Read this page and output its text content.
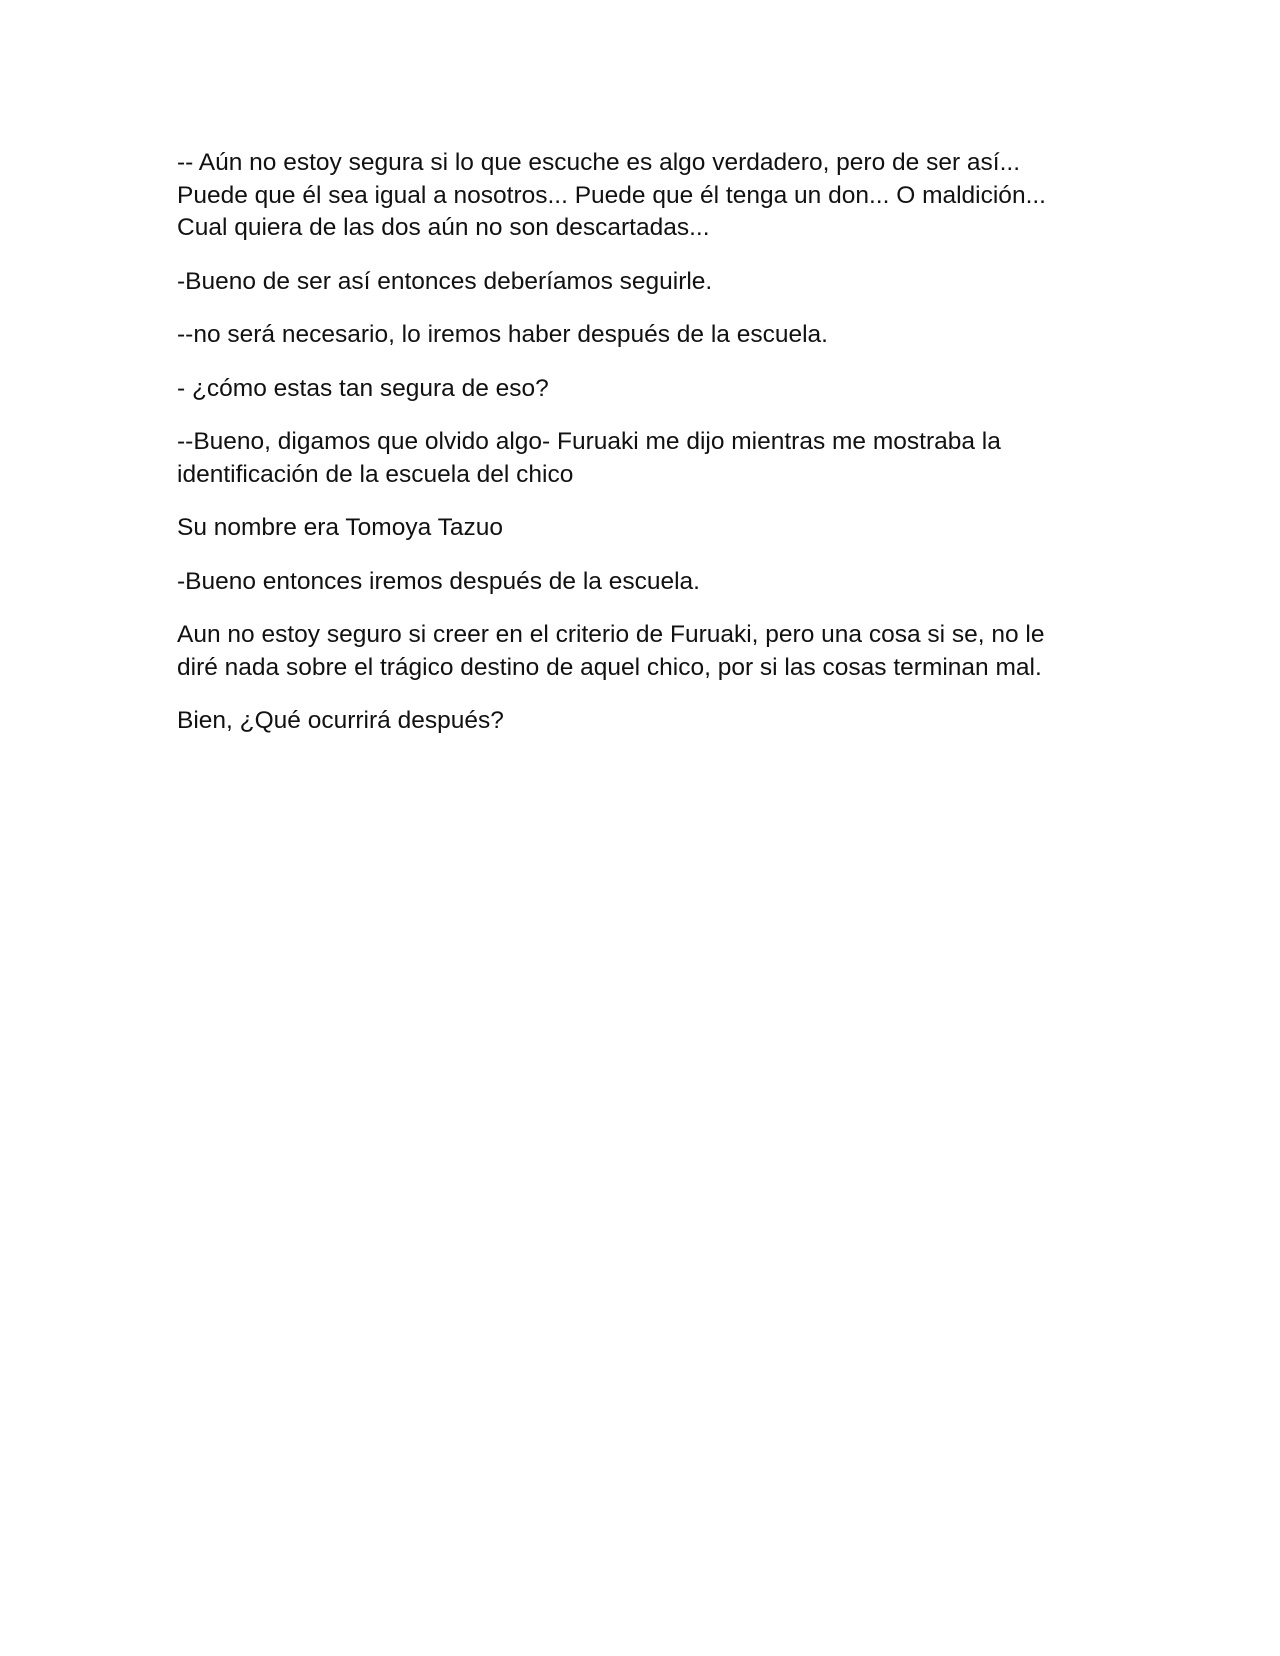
-- Aún no estoy segura si lo que escuche es algo verdadero, pero de ser así...
Puede que él sea igual a nosotros... Puede que él tenga un don... O maldición...
Cual quiera de las dos aún no son descartadas...

-Bueno de ser así entonces deberíamos seguirle.

--no será necesario, lo iremos haber después de la escuela.

- ¿cómo estas tan segura de eso?

--Bueno, digamos que olvido algo- Furuaki me dijo mientras me mostraba la
identificación de la escuela del chico

Su nombre era Tomoya Tazuo

-Bueno entonces iremos después de la escuela.

Aun no estoy seguro si creer en el criterio de Furuaki, pero una cosa si se, no le
diré nada sobre el trágico destino de aquel chico, por si las cosas terminan mal.

Bien, ¿Qué ocurrirá después?
